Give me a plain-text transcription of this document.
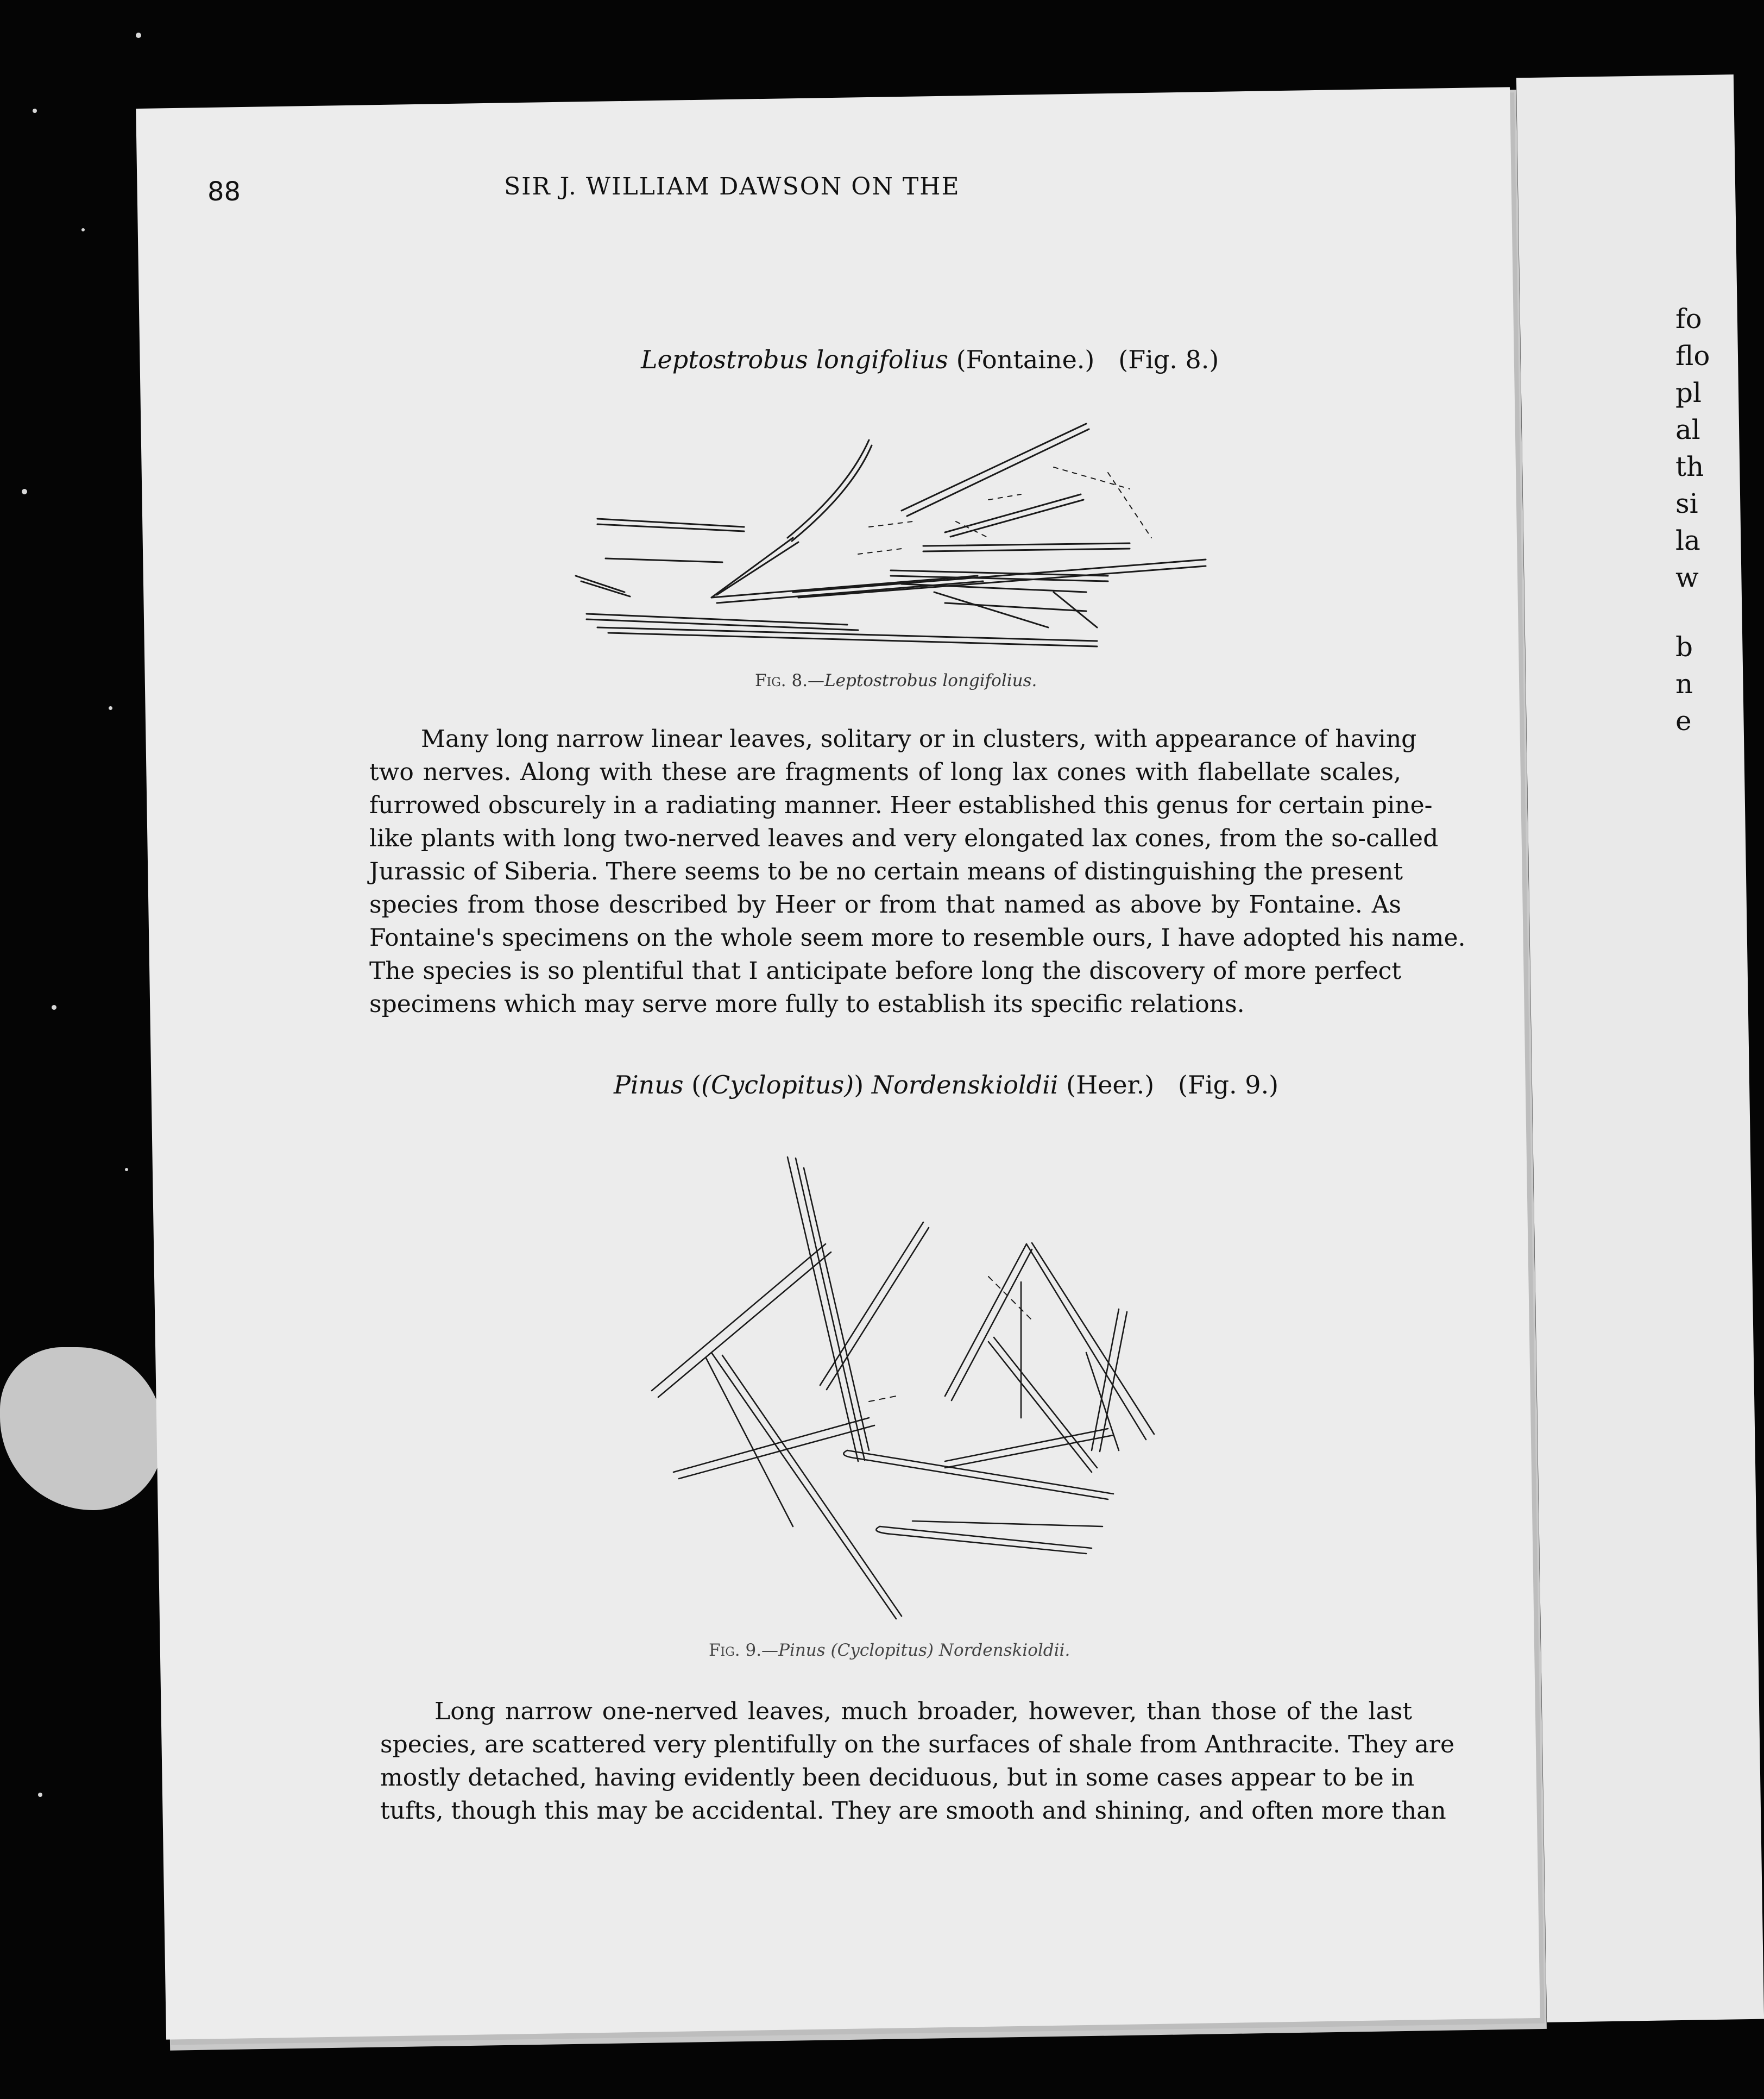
fo
flo
pl
al
th
si
la
w
b
n
e

88	SIR J. WILLIAM DAWSON ON THE

Leptostrobus longifolius (Fontaine.) (Fig. 8.)

Fig. 8.—Leptostrobus longifolius.

Many long narrow linear leaves, solitary or in clusters, with appearance of having
two nerves. Along with these are fragments of long lax cones with flabellate scales,
furrowed obscurely in a radiating manner. Heer established this genus for certain pine-
like plants with long two-nerved leaves and very elongated lax cones, from the so-called
Jurassic of Siberia. There seems to be no certain means of distinguishing the present
species from those described by Heer or from that named as above by Fontaine. As
Fontaine's specimens on the whole seem more to resemble ours, I have adopted his name.
The species is so plentiful that I anticipate before long the discovery of more perfect
specimens which may serve more fully to establish its specific relations.

Pinus ((Cyclopitus)) Nordenskioldii (Heer.) (Fig. 9.)

Fig. 9.—Pinus (Cyclopitus) Nordenskioldii.

Long narrow one-nerved leaves, much broader, however, than those of the last
species, are scattered very plentifully on the surfaces of shale from Anthracite. They are
mostly detached, having evidently been deciduous, but in some cases appear to be in
tufts, though this may be accidental. They are smooth and shining, and often more than
